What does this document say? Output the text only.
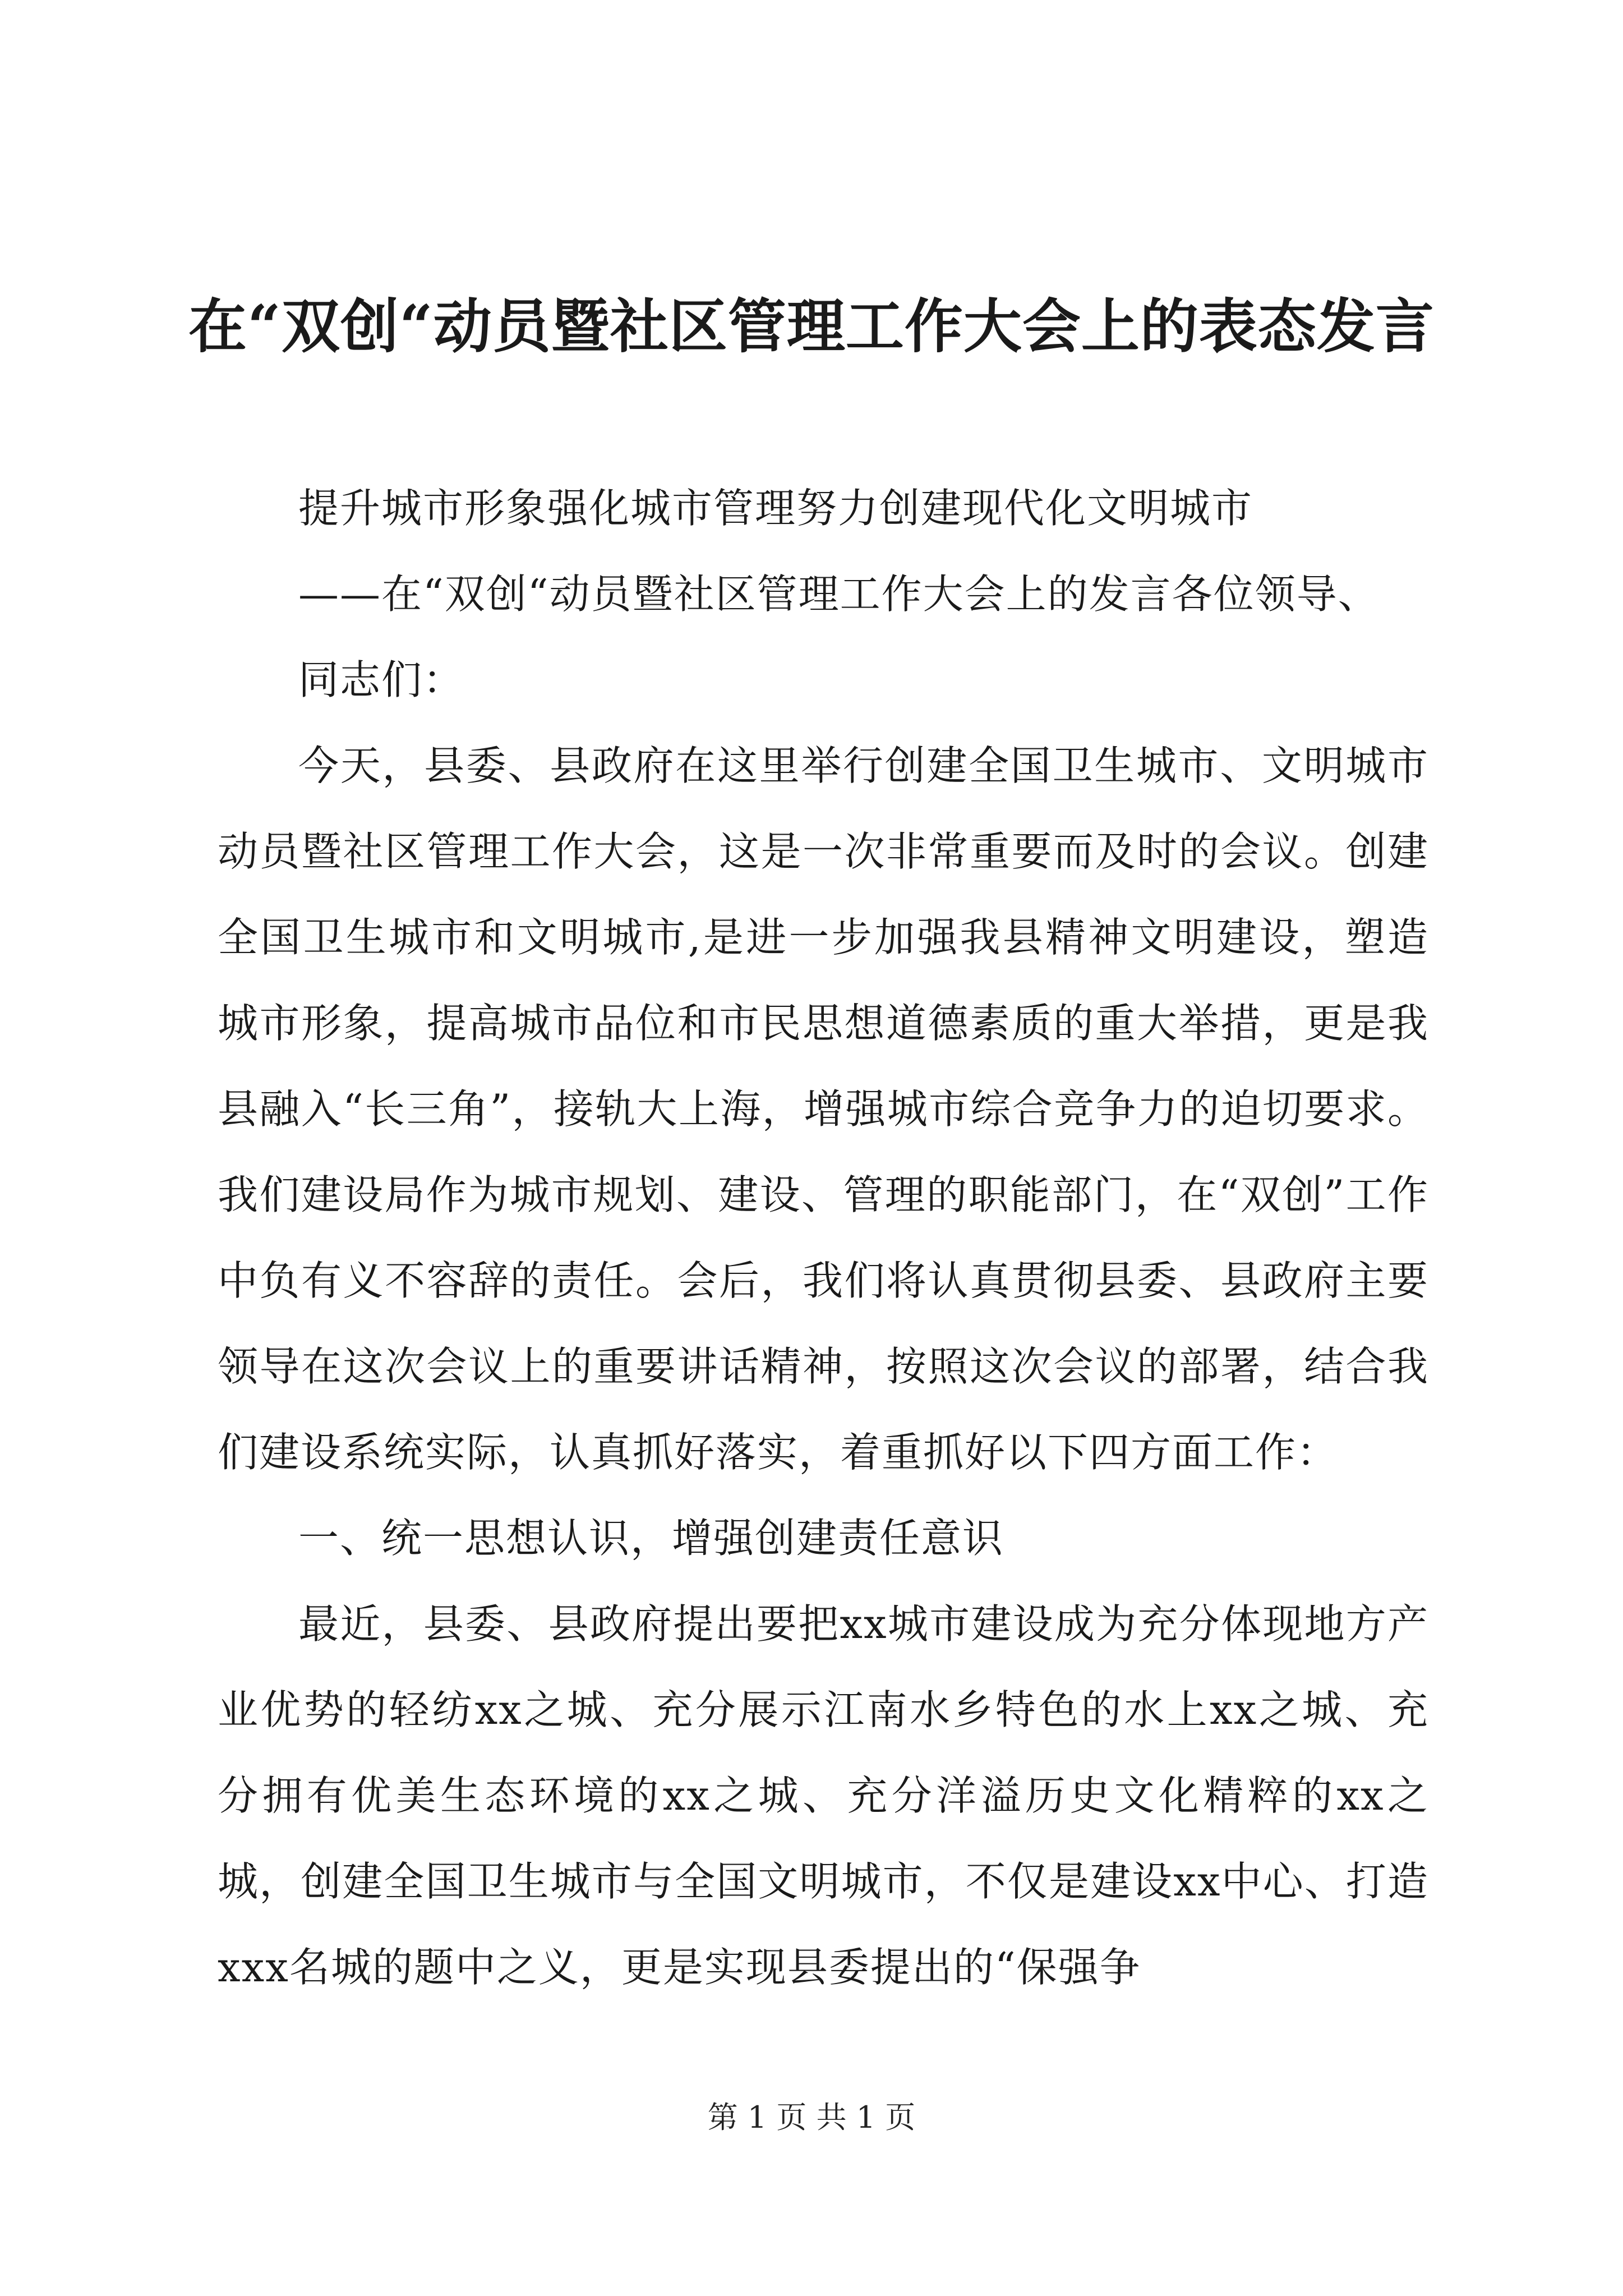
在“双创“动员暨社区管理工作大会上的表态发言

提升城市形象强化城市管理努力创建现代化文明城市

——在“双创“动员暨社区管理工作大会上的发言各位领导、

同志们：

今天，县委、县政府在这里举行创建全国卫生城市、文明城市动员暨社区管理工作大会，这是一次非常重要而及时的会议。创建全国卫生城市和文明城市,是进一步加强我县精神文明建设，塑造城市形象，提高城市品位和市民思想道德素质的重大举措，更是我县融入“长三角”，接轨大上海，增强城市综合竞争力的迫切要求。我们建设局作为城市规划、建设、管理的职能部门，在“双创”工作中负有义不容辞的责任。会后，我们将认真贯彻县委、县政府主要领导在这次会议上的重要讲话精神，按照这次会议的部署，结合我们建设系统实际，认真抓好落实，着重抓好以下四方面工作：

一、统一思想认识，增强创建责任意识

最近，县委、县政府提出要把xx城市建设成为充分体现地方产业优势的轻纺xx之城、充分展示江南水乡特色的水上xx之城、充分拥有优美生态环境的xx之城、充分洋溢历史文化精粹的xx之城，创建全国卫生城市与全国文明城市，不仅是建设xx中心、打造xxx名城的题中之义，更是实现县委提出的“保强争

第 1 页 共 1 页
